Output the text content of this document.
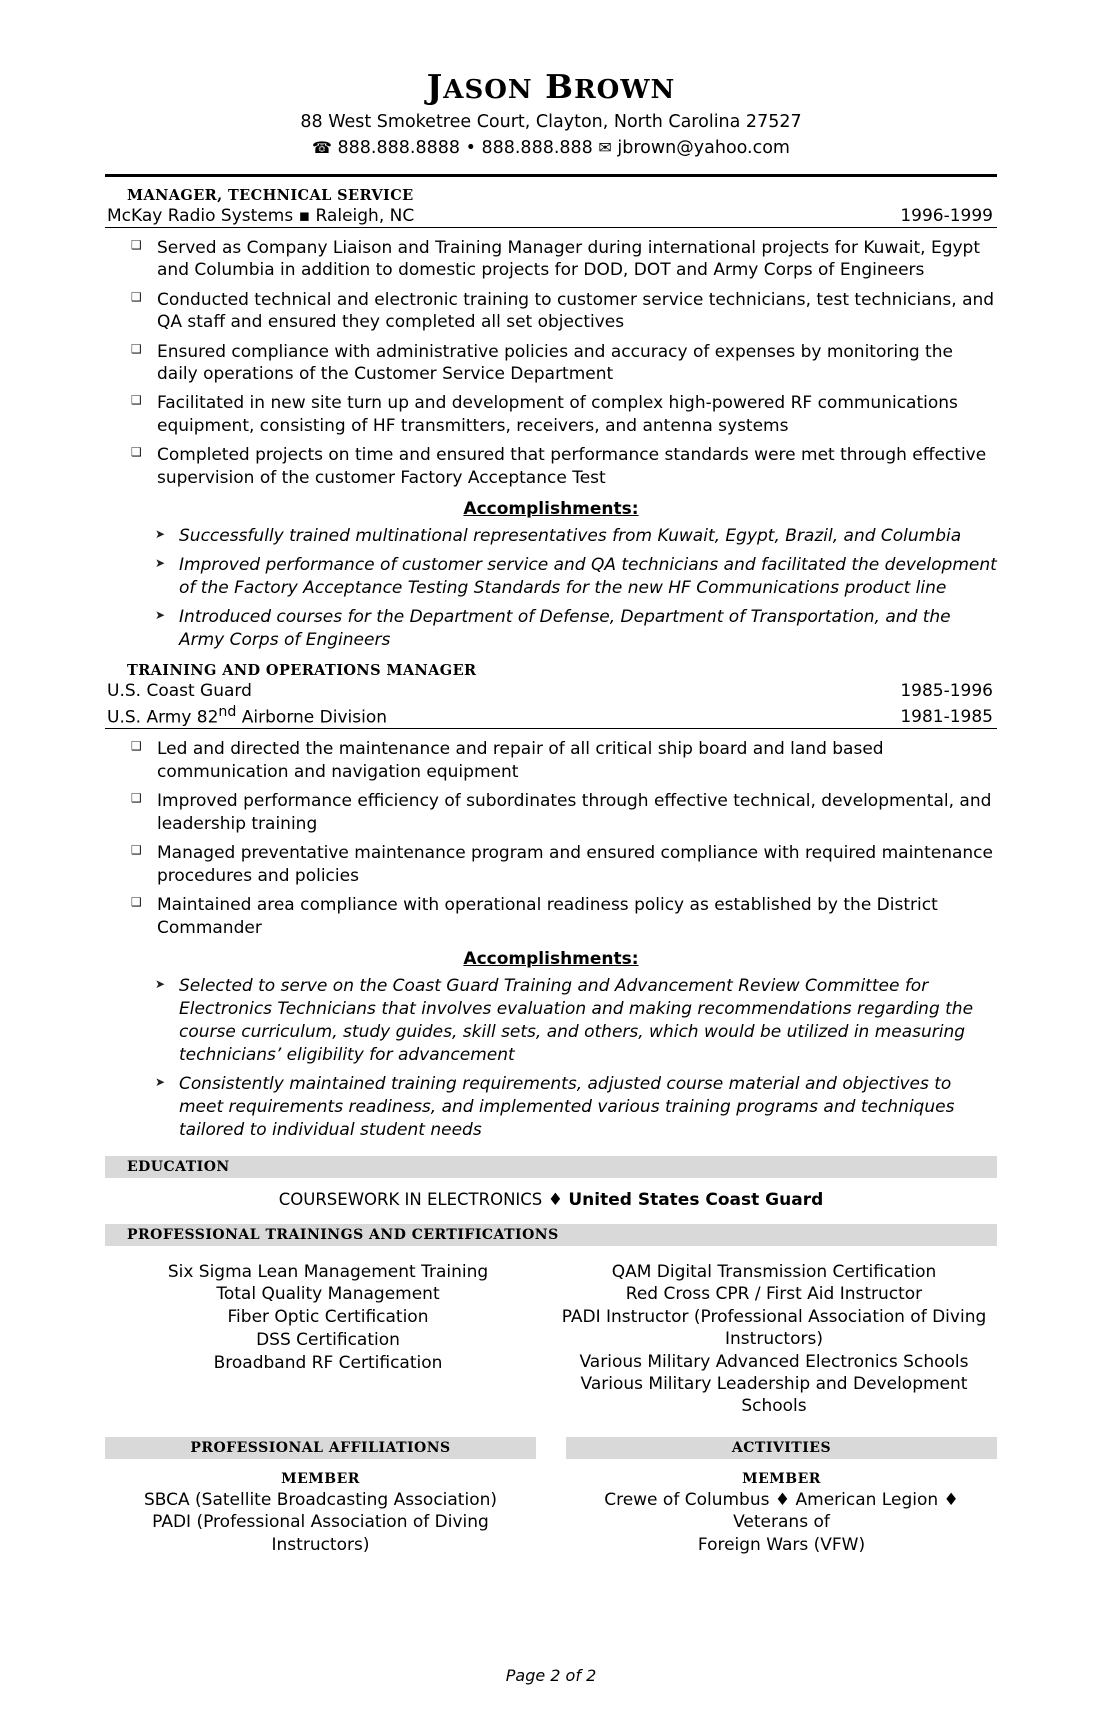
JASON BROWN
88 West Smoketree Court, Clayton, North Carolina 27527
☎ 888.888.8888 • 888.888.888 ✉ jbrown@yahoo.com
MANAGER, TECHNICAL SERVICE
McKay Radio Systems ▪ Raleigh, NC	1996-1999
❑ Served as Company Liaison and Training Manager during international projects for Kuwait, Egypt and Columbia in addition to domestic projects for DOD, DOT and Army Corps of Engineers
❑ Conducted technical and electronic training to customer service technicians, test technicians, and QA staff and ensured they completed all set objectives
❑ Ensured compliance with administrative policies and accuracy of expenses by monitoring the daily operations of the Customer Service Department
❑ Facilitated in new site turn up and development of complex high-powered RF communications equipment, consisting of HF transmitters, receivers, and antenna systems
❑ Completed projects on time and ensured that performance standards were met through effective supervision of the customer Factory Acceptance Test
Accomplishments:
➤ Successfully trained multinational representatives from Kuwait, Egypt, Brazil, and Columbia
➤ Improved performance of customer service and QA technicians and facilitated the development of the Factory Acceptance Testing Standards for the new HF Communications product line
➤ Introduced courses for the Department of Defense, Department of Transportation, and the Army Corps of Engineers
TRAINING AND OPERATIONS MANAGER
U.S. Coast Guard	1985-1996
U.S. Army 82nd Airborne Division	1981-1985
❑ Led and directed the maintenance and repair of all critical ship board and land based communication and navigation equipment
❑ Improved performance efficiency of subordinates through effective technical, developmental, and leadership training
❑ Managed preventative maintenance program and ensured compliance with required maintenance procedures and policies
❑ Maintained area compliance with operational readiness policy as established by the District Commander
Accomplishments:
➤ Selected to serve on the Coast Guard Training and Advancement Review Committee for Electronics Technicians that involves evaluation and making recommendations regarding the course curriculum, study guides, skill sets, and others, which would be utilized in measuring technicians’ eligibility for advancement
➤ Consistently maintained training requirements, adjusted course material and objectives to meet requirements readiness, and implemented various training programs and techniques tailored to individual student needs
EDUCATION
COURSEWORK IN ELECTRONICS ♦ United States Coast Guard
PROFESSIONAL TRAININGS AND CERTIFICATIONS
Six Sigma Lean Management Training
Total Quality Management
Fiber Optic Certification
DSS Certification
Broadband RF Certification
QAM Digital Transmission Certification
Red Cross CPR / First Aid Instructor
PADI Instructor (Professional Association of Diving Instructors)
Various Military Advanced Electronics Schools
Various Military Leadership and Development Schools
PROFESSIONAL AFFILIATIONS
MEMBER
SBCA (Satellite Broadcasting Association)
PADI (Professional Association of Diving Instructors)
ACTIVITIES
MEMBER
Crewe of Columbus ♦ American Legion ♦ Veterans of
Foreign Wars (VFW)
Page 2 of 2
